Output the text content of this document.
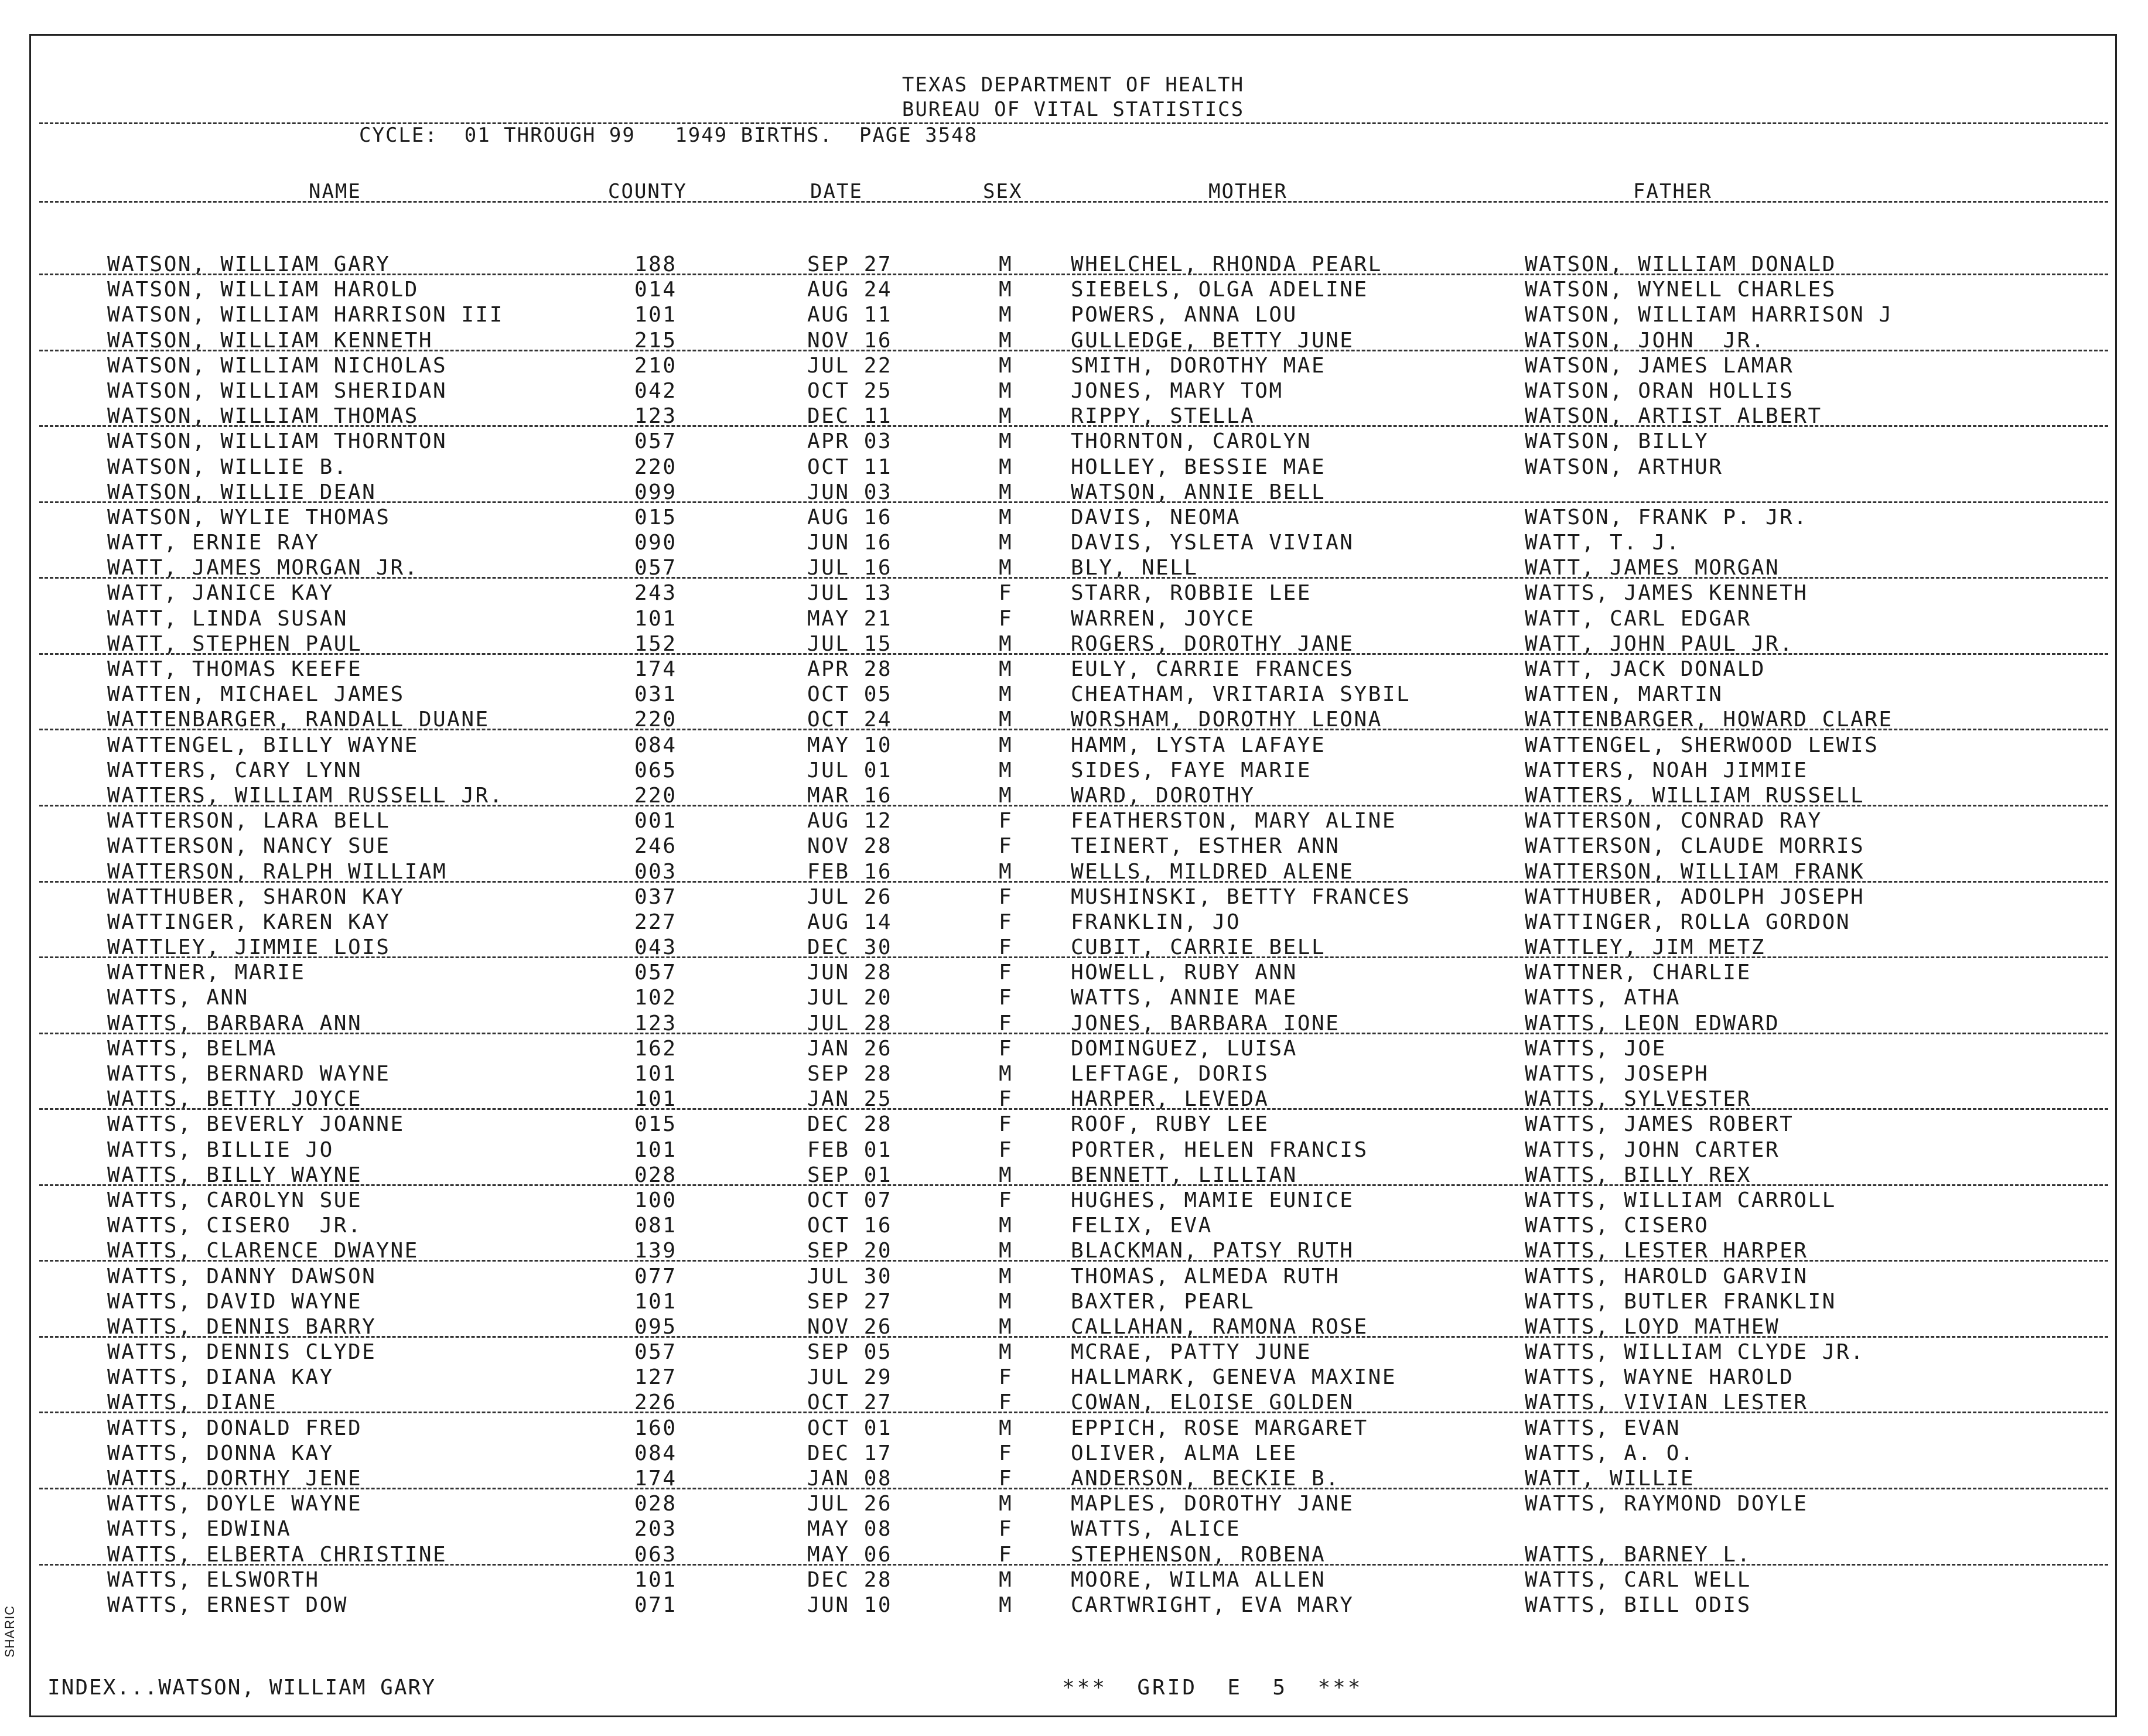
TEXAS DEPARTMENT OF HEALTH
BUREAU OF VITAL STATISTICS
CYCLE:  01 THROUGH 99   1949 BIRTHS.  PAGE 3548
NAME	COUNTY	DATE	SEX	MOTHER	FATHER
WATSON, WILLIAM GARY	188	SEP 27	M	WHELCHEL, RHONDA PEARL	WATSON, WILLIAM DONALD
WATSON, WILLIAM HAROLD	014	AUG 24	M	SIEBELS, OLGA ADELINE	WATSON, WYNELL CHARLES
WATSON, WILLIAM HARRISON III	101	AUG 11	M	POWERS, ANNA LOU	WATSON, WILLIAM HARRISON J
WATSON, WILLIAM KENNETH	215	NOV 16	M	GULLEDGE, BETTY JUNE	WATSON, JOHN  JR.
WATSON, WILLIAM NICHOLAS	210	JUL 22	M	SMITH, DOROTHY MAE	WATSON, JAMES LAMAR
WATSON, WILLIAM SHERIDAN	042	OCT 25	M	JONES, MARY TOM	WATSON, ORAN HOLLIS
WATSON, WILLIAM THOMAS	123	DEC 11	M	RIPPY, STELLA	WATSON, ARTIST ALBERT
WATSON, WILLIAM THORNTON	057	APR 03	M	THORNTON, CAROLYN	WATSON, BILLY
WATSON, WILLIE B.	220	OCT 11	M	HOLLEY, BESSIE MAE	WATSON, ARTHUR
WATSON, WILLIE DEAN	099	JUN 03	M	WATSON, ANNIE BELL
WATSON, WYLIE THOMAS	015	AUG 16	M	DAVIS, NEOMA	WATSON, FRANK P. JR.
WATT, ERNIE RAY	090	JUN 16	M	DAVIS, YSLETA VIVIAN	WATT, T. J.
WATT, JAMES MORGAN JR.	057	JUL 16	M	BLY, NELL	WATT, JAMES MORGAN
WATT, JANICE KAY	243	JUL 13	F	STARR, ROBBIE LEE	WATTS, JAMES KENNETH
WATT, LINDA SUSAN	101	MAY 21	F	WARREN, JOYCE	WATT, CARL EDGAR
WATT, STEPHEN PAUL	152	JUL 15	M	ROGERS, DOROTHY JANE	WATT, JOHN PAUL JR.
WATT, THOMAS KEEFE	174	APR 28	M	EULY, CARRIE FRANCES	WATT, JACK DONALD
WATTEN, MICHAEL JAMES	031	OCT 05	M	CHEATHAM, VRITARIA SYBIL	WATTEN, MARTIN
WATTENBARGER, RANDALL DUANE	220	OCT 24	M	WORSHAM, DOROTHY LEONA	WATTENBARGER, HOWARD CLARE
WATTENGEL, BILLY WAYNE	084	MAY 10	M	HAMM, LYSTA LAFAYE	WATTENGEL, SHERWOOD LEWIS
WATTERS, CARY LYNN	065	JUL 01	M	SIDES, FAYE MARIE	WATTERS, NOAH JIMMIE
WATTERS, WILLIAM RUSSELL JR.	220	MAR 16	M	WARD, DOROTHY	WATTERS, WILLIAM RUSSELL
WATTERSON, LARA BELL	001	AUG 12	F	FEATHERSTON, MARY ALINE	WATTERSON, CONRAD RAY
WATTERSON, NANCY SUE	246	NOV 28	F	TEINERT, ESTHER ANN	WATTERSON, CLAUDE MORRIS
WATTERSON, RALPH WILLIAM	003	FEB 16	M	WELLS, MILDRED ALENE	WATTERSON, WILLIAM FRANK
WATTHUBER, SHARON KAY	037	JUL 26	F	MUSHINSKI, BETTY FRANCES	WATTHUBER, ADOLPH JOSEPH
WATTINGER, KAREN KAY	227	AUG 14	F	FRANKLIN, JO	WATTINGER, ROLLA GORDON
WATTLEY, JIMMIE LOIS	043	DEC 30	F	CUBIT, CARRIE BELL	WATTLEY, JIM METZ
WATTNER, MARIE	057	JUN 28	F	HOWELL, RUBY ANN	WATTNER, CHARLIE
WATTS, ANN	102	JUL 20	F	WATTS, ANNIE MAE	WATTS, ATHA
WATTS, BARBARA ANN	123	JUL 28	F	JONES, BARBARA IONE	WATTS, LEON EDWARD
WATTS, BELMA	162	JAN 26	F	DOMINGUEZ, LUISA	WATTS, JOE
WATTS, BERNARD WAYNE	101	SEP 28	M	LEFTAGE, DORIS	WATTS, JOSEPH
WATTS, BETTY JOYCE	101	JAN 25	F	HARPER, LEVEDA	WATTS, SYLVESTER
WATTS, BEVERLY JOANNE	015	DEC 28	F	ROOF, RUBY LEE	WATTS, JAMES ROBERT
WATTS, BILLIE JO	101	FEB 01	F	PORTER, HELEN FRANCIS	WATTS, JOHN CARTER
WATTS, BILLY WAYNE	028	SEP 01	M	BENNETT, LILLIAN	WATTS, BILLY REX
WATTS, CAROLYN SUE	100	OCT 07	F	HUGHES, MAMIE EUNICE	WATTS, WILLIAM CARROLL
WATTS, CISERO  JR.	081	OCT 16	M	FELIX, EVA	WATTS, CISERO
WATTS, CLARENCE DWAYNE	139	SEP 20	M	BLACKMAN, PATSY RUTH	WATTS, LESTER HARPER
WATTS, DANNY DAWSON	077	JUL 30	M	THOMAS, ALMEDA RUTH	WATTS, HAROLD GARVIN
WATTS, DAVID WAYNE	101	SEP 27	M	BAXTER, PEARL	WATTS, BUTLER FRANKLIN
WATTS, DENNIS BARRY	095	NOV 26	M	CALLAHAN, RAMONA ROSE	WATTS, LOYD MATHEW
WATTS, DENNIS CLYDE	057	SEP 05	M	MCRAE, PATTY JUNE	WATTS, WILLIAM CLYDE JR.
WATTS, DIANA KAY	127	JUL 29	F	HALLMARK, GENEVA MAXINE	WATTS, WAYNE HAROLD
WATTS, DIANE	226	OCT 27	F	COWAN, ELOISE GOLDEN	WATTS, VIVIAN LESTER
WATTS, DONALD FRED	160	OCT 01	M	EPPICH, ROSE MARGARET	WATTS, EVAN
WATTS, DONNA KAY	084	DEC 17	F	OLIVER, ALMA LEE	WATTS, A. O.
WATTS, DORTHY JENE	174	JAN 08	F	ANDERSON, BECKIE B.	WATT, WILLIE
WATTS, DOYLE WAYNE	028	JUL 26	M	MAPLES, DOROTHY JANE	WATTS, RAYMOND DOYLE
WATTS, EDWINA	203	MAY 08	F	WATTS, ALICE
WATTS, ELBERTA CHRISTINE	063	MAY 06	F	STEPHENSON, ROBENA	WATTS, BARNEY L.
WATTS, ELSWORTH	101	DEC 28	M	MOORE, WILMA ALLEN	WATTS, CARL WELL
WATTS, ERNEST DOW	071	JUN 10	M	CARTWRIGHT, EVA MARY	WATTS, BILL ODIS
INDEX...WATSON, WILLIAM GARY	***  GRID  E  5  ***
SHARIC
